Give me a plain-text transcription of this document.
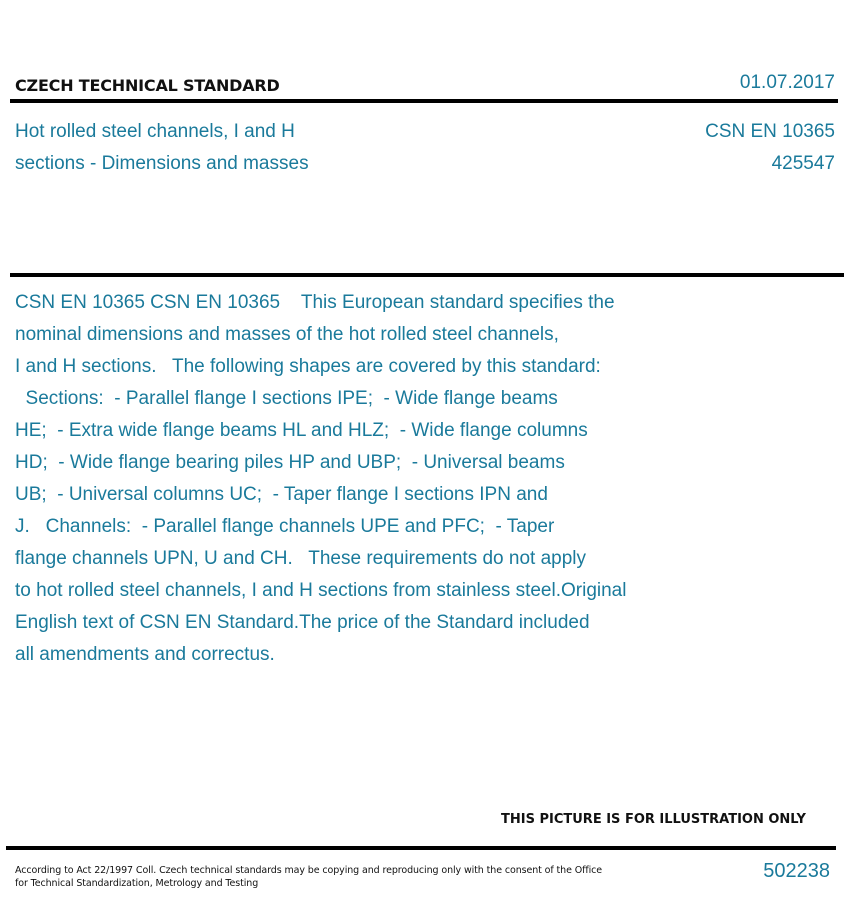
CZECH TECHNICAL STANDARD	01.07.2017
Hot rolled steel channels, I and H
sections - Dimensions and masses
CSN EN 10365
425547
CSN EN 10365 CSN EN 10365    This European standard specifies the
nominal dimensions and masses of the hot rolled steel channels,
I and H sections.   The following shapes are covered by this standard:
Sections:  - Parallel flange I sections IPE;  - Wide flange beams
HE;  - Extra wide flange beams HL and HLZ;  - Wide flange columns
HD;  - Wide flange bearing piles HP and UBP;  - Universal beams
UB;  - Universal columns UC;  - Taper flange I sections IPN and
J.   Channels:  - Parallel flange channels UPE and PFC;  - Taper
flange channels UPN, U and CH.   These requirements do not apply
to hot rolled steel channels, I and H sections from stainless steel.Original
English text of CSN EN Standard.The price of the Standard included
all amendments and correctus.
THIS PICTURE IS FOR ILLUSTRATION ONLY
According to Act 22/1997 Coll. Czech technical standards may be copying and reproducing only with the consent of the Office
for Technical Standardization, Metrology and Testing
502238
